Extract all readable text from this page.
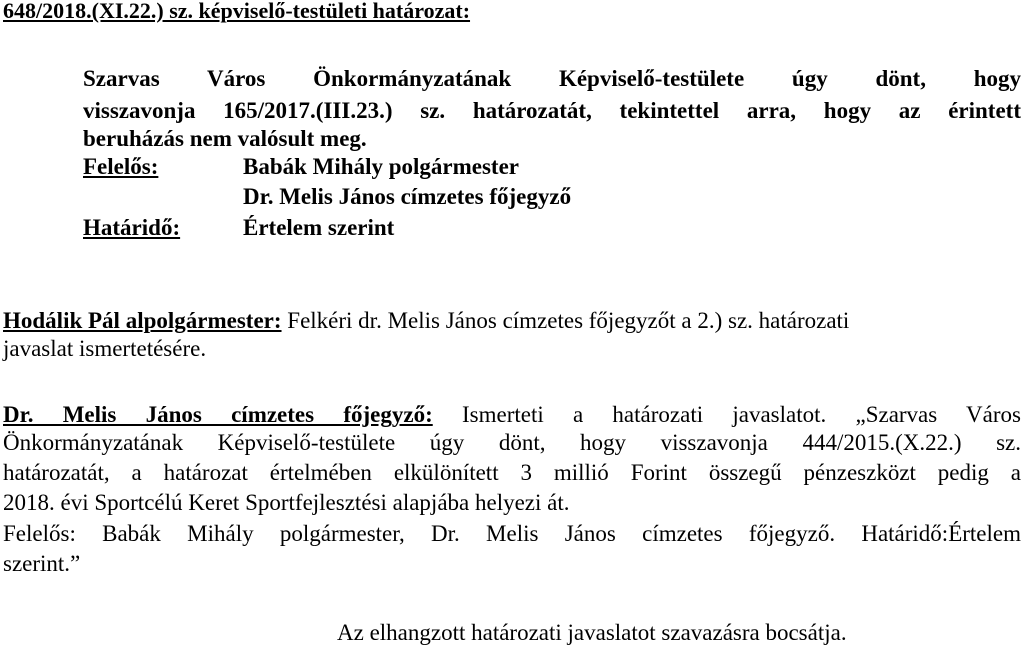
648/2018.(XI.22.) sz. képviselő-testületi határozat:
Szarvas Város Önkormányzatának Képviselő-testülete úgy dönt, hogy
visszavonja 165/2017.(III.23.) sz. határozatát, tekintettel arra, hogy az érintett
beruházás nem valósult meg.
Felelős:	Babák Mihály polgármester
Dr. Melis János címzetes főjegyző
Határidő:	Értelem szerint
Hodálik Pál alpolgármester: Felkéri dr. Melis János címzetes főjegyzőt a 2.) sz. határozati
javaslat ismertetésére.
Dr. Melis János címzetes főjegyző: Ismerteti a határozati javaslatot. „Szarvas Város
Önkormányzatának Képviselő-testülete úgy dönt, hogy visszavonja 444/2015.(X.22.) sz.
határozatát, a határozat értelmében elkülönített 3 millió Forint összegű pénzeszközt pedig a
2018. évi Sportcélú Keret Sportfejlesztési alapjába helyezi át.
Felelős: Babák Mihály polgármester, Dr. Melis János címzetes főjegyző. Határidő:Értelem
szerint.”
Az elhangzott határozati javaslatot szavazásra bocsátja.
